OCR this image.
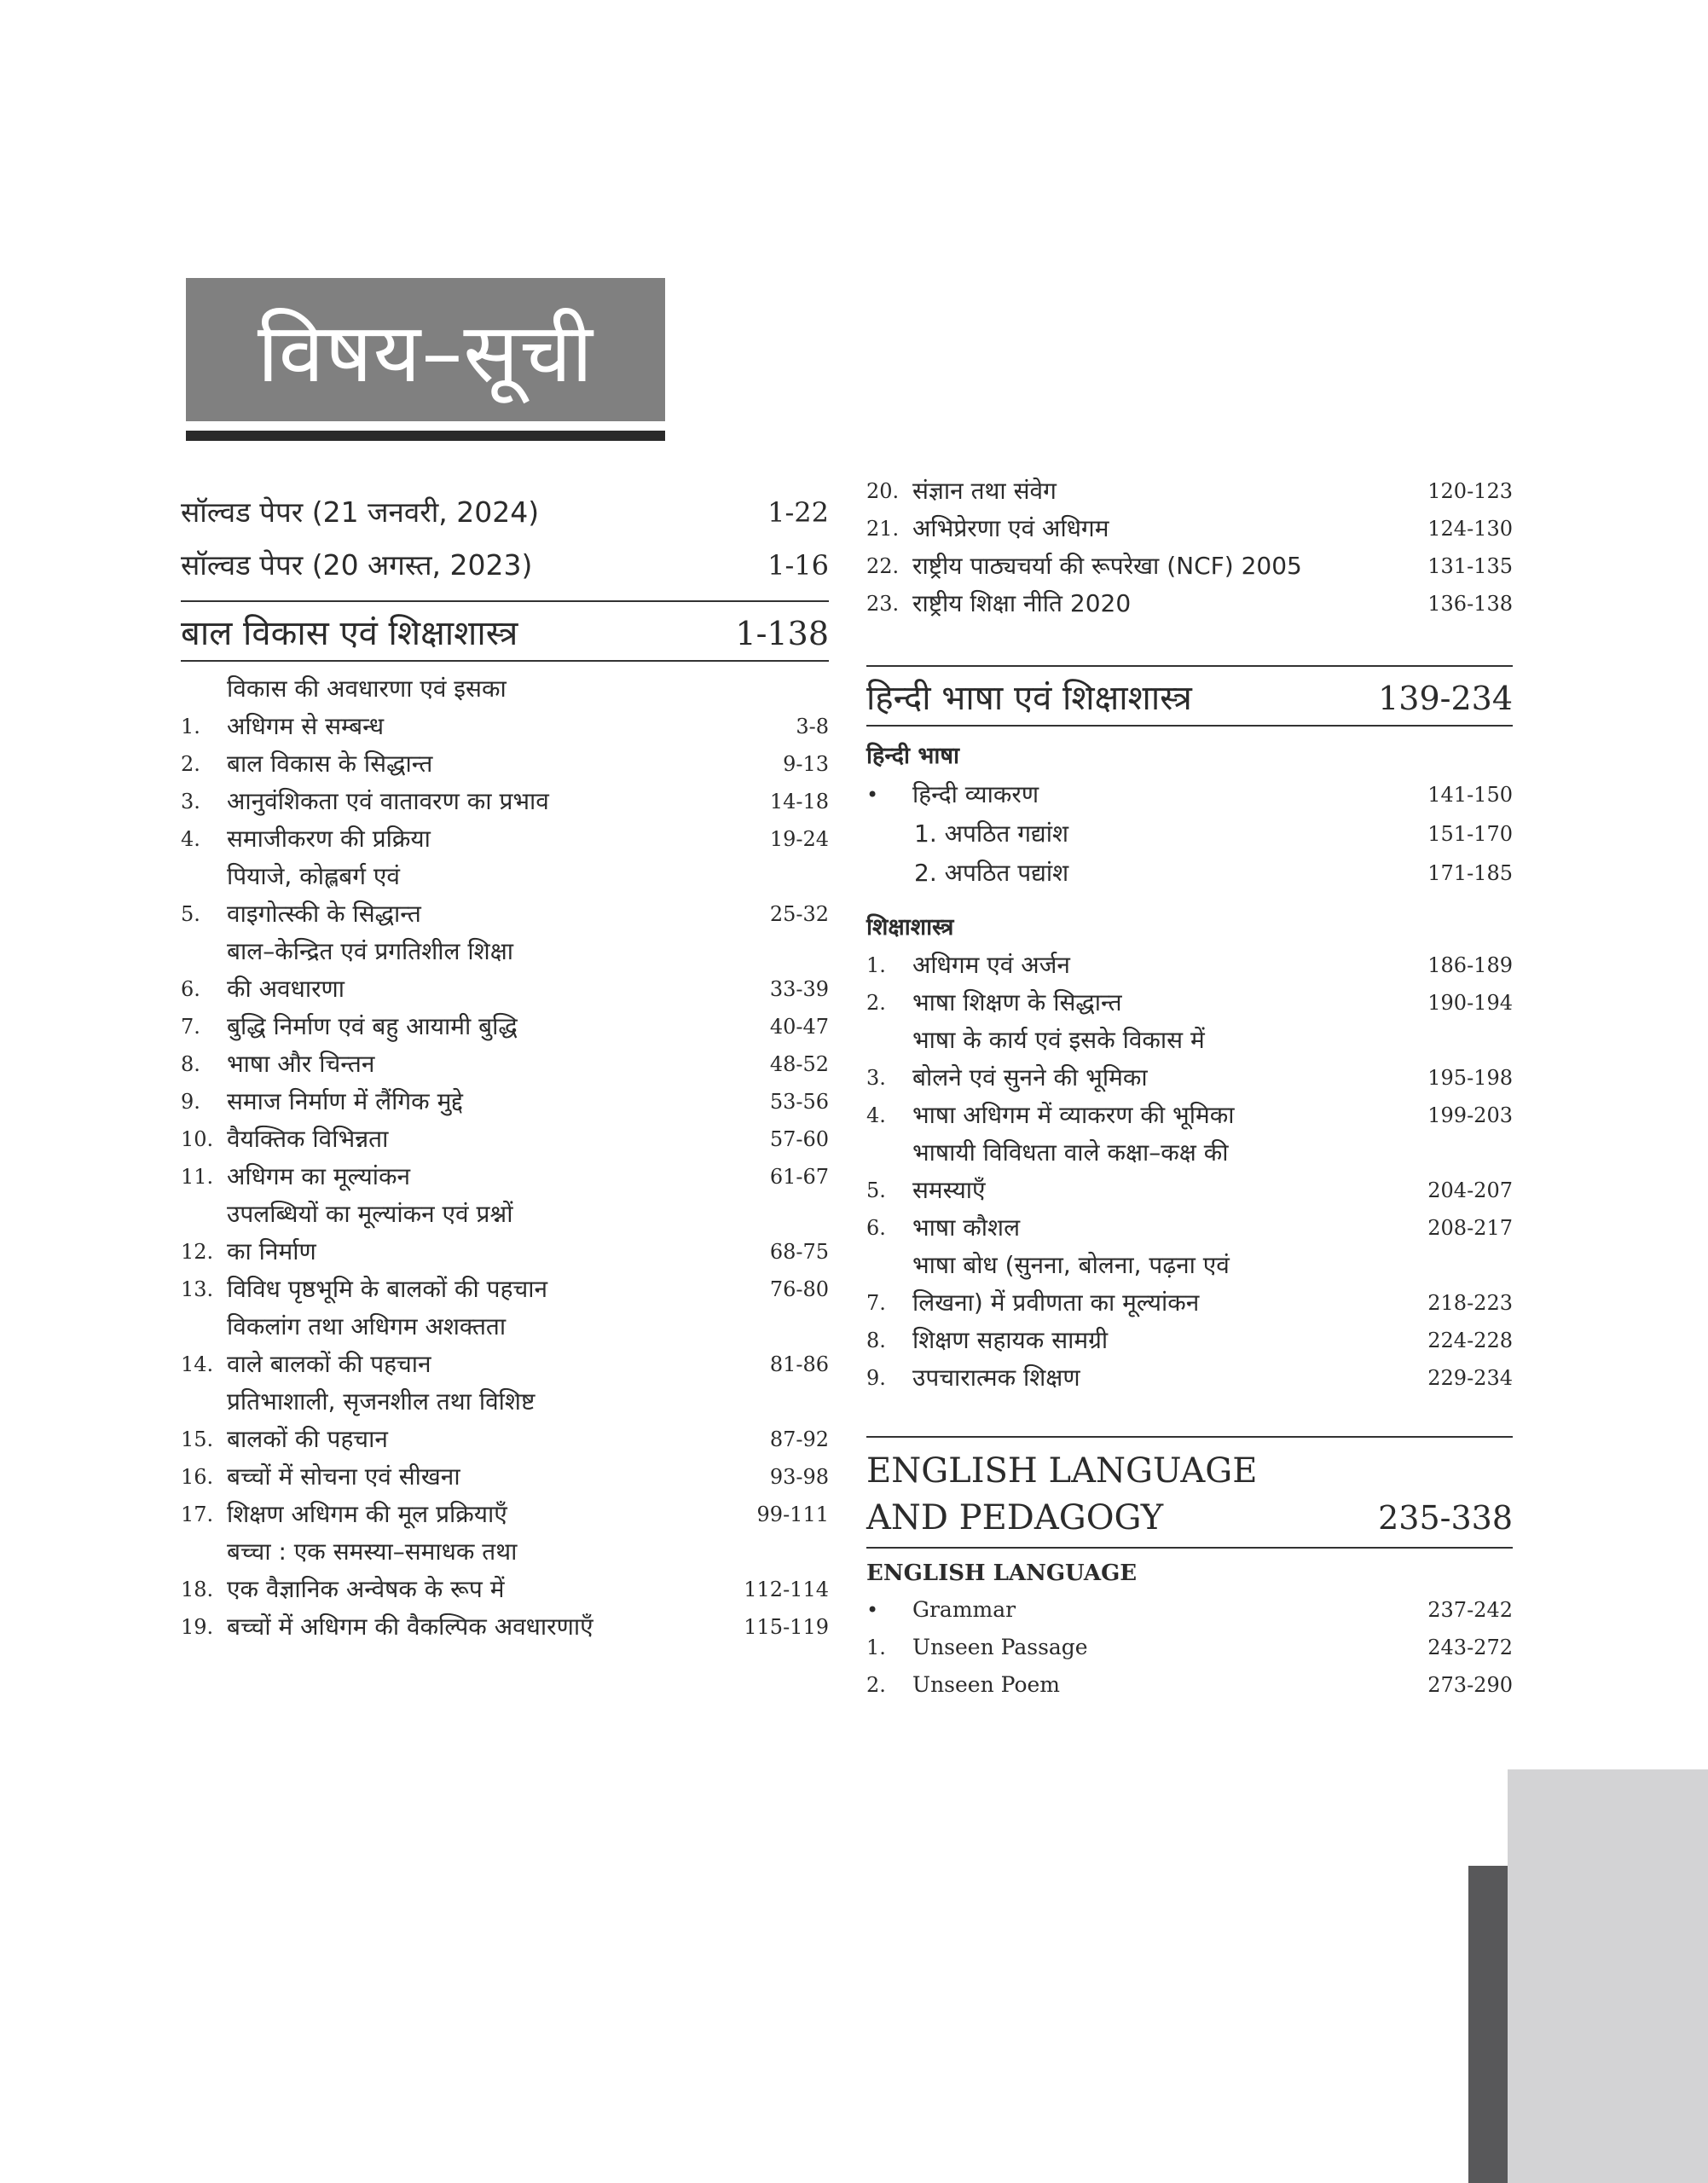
विषय–सूची
सॉल्वड पेपर (21 जनवरी, 2024)	1-22
सॉल्वड पेपर (20 अगस्त, 2023)	1-16
बाल विकास एवं शिक्षाशास्त्र	1-138
1.
विकास की अवधारणा एवं इसका
अधिगम से सम्बन्ध	3-8
2.	बाल विकास के सिद्धान्त	9-13
3.	आनुवंशिकता एवं वातावरण का प्रभाव	14-18
4.	समाजीकरण की प्रक्रिया	19-24
5.
पियाजे, कोह्लबर्ग एवं
वाइगोत्स्की के सिद्धान्त	25-32
6.
बाल–केन्द्रित एवं प्रगतिशील शिक्षा
की अवधारणा	33-39
7.	बुद्धि निर्माण एवं बहु आयामी बुद्धि	40-47
8.	भाषा और चिन्तन	48-52
9.	समाज निर्माण में लैंगिक मुद्दे	53-56
10. वैयक्तिक विभिन्नता	57-60
11. अधिगम का मूल्यांकन	61-67
12.
उपलब्धियों का मूल्यांकन एवं प्रश्नों
का निर्माण	68-75
13. विविध पृष्ठभूमि के बालकों की पहचान	76-80
14.
विकलांग तथा अधिगम अशक्तता
वाले बालकों की पहचान	81-86
15.
प्रतिभाशाली, सृजनशील तथा विशिष्ट
बालकों की पहचान	87-92
16. बच्चों में सोचना एवं सीखना	93-98
17. शिक्षण अधिगम की मूल प्रक्रियाएँ	99-111
18.
बच्चा : एक समस्या–समाधक तथा
एक वैज्ञानिक अन्वेषक के रूप में	112-114
19. बच्चों में अधिगम की वैकल्पिक अवधारणाएँ	115-119
20. संज्ञान तथा संवेग	120-123
21. अभिप्रेरणा एवं अधिगम	124-130
22. राष्ट्रीय पाठ्यचर्या की रूपरेखा (NCF) 2005	131-135
23. राष्ट्रीय शिक्षा नीति 2020	136-138
हिन्दी भाषा एवं शिक्षाशास्त्र	139-234
हिन्दी भाषा
•	हिन्दी व्याकरण	141-150
1. अपठित गद्यांश	151-170
2. अपठित पद्यांश	171-185
शिक्षाशास्त्र
1.	अधिगम एवं अर्जन	186-189
2.	भाषा शिक्षण के सिद्धान्त	190-194
3.
भाषा के कार्य एवं इसके विकास में
बोलने एवं सुनने की भूमिका	195-198
4.	भाषा अधिगम में व्याकरण की भूमिका	199-203
5.
भाषायी विविधता वाले कक्षा–कक्ष की
समस्याएँ	204-207
6.	भाषा कौशल	208-217
7.
भाषा बोध (सुनना, बोलना, पढ़ना एवं
लिखना) में प्रवीणता का मूल्यांकन	218-223
8.	शिक्षण सहायक सामग्री	224-228
9.	उपचारात्मक शिक्षण	229-234
ENGLISH LANGUAGE
AND PEDAGOGY	235-338
ENGLISH LANGUAGE
•	Grammar	237-242
1.	Unseen Passage	243-272
2.	Unseen Poem	273-290
